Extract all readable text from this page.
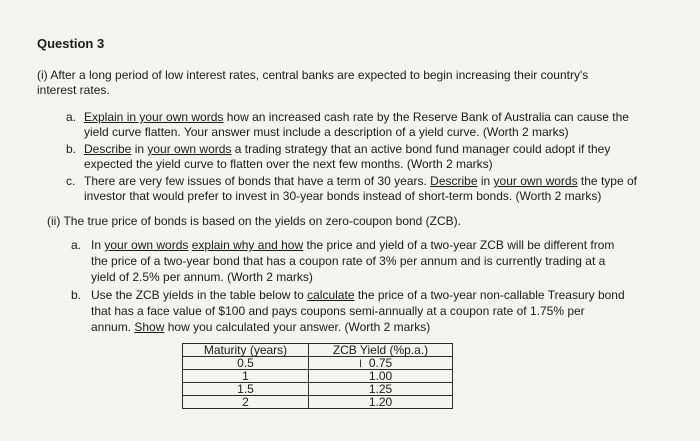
Question 3
(i) After a long period of low interest rates, central banks are expected to begin increasing their country's
interest rates.
a. Explain in your own words how an increased cash rate by the Reserve Bank of Australia can cause the
yield curve flatten. Your answer must include a description of a yield curve. (Worth 2 marks)
b. Describe in your own words a trading strategy that an active bond fund manager could adopt if they
expected the yield curve to flatten over the next few months. (Worth 2 marks)
c. There are very few issues of bonds that have a term of 30 years. Describe in your own words the type of
investor that would prefer to invest in 30-year bonds instead of short-term bonds. (Worth 2 marks)
(ii) The true price of bonds is based on the yields on zero-coupon bond (ZCB).
a. In your own words explain why and how the price and yield of a two-year ZCB will be different from
the price of a two-year bond that has a coupon rate of 3% per annum and is currently trading at a
yield of 2.5% per annum. (Worth 2 marks)
b. Use the ZCB yields in the table below to calculate the price of a two-year non-callable Treasury bond
that has a face value of $100 and pays coupons semi-annually at a coupon rate of 1.75% per
annum. Show how you calculated your answer. (Worth 2 marks)
Maturity (years)	ZCB Yield (%p.a.)
0.5	0.75
1	1.00
1.5	1.25
2	1.20
I
